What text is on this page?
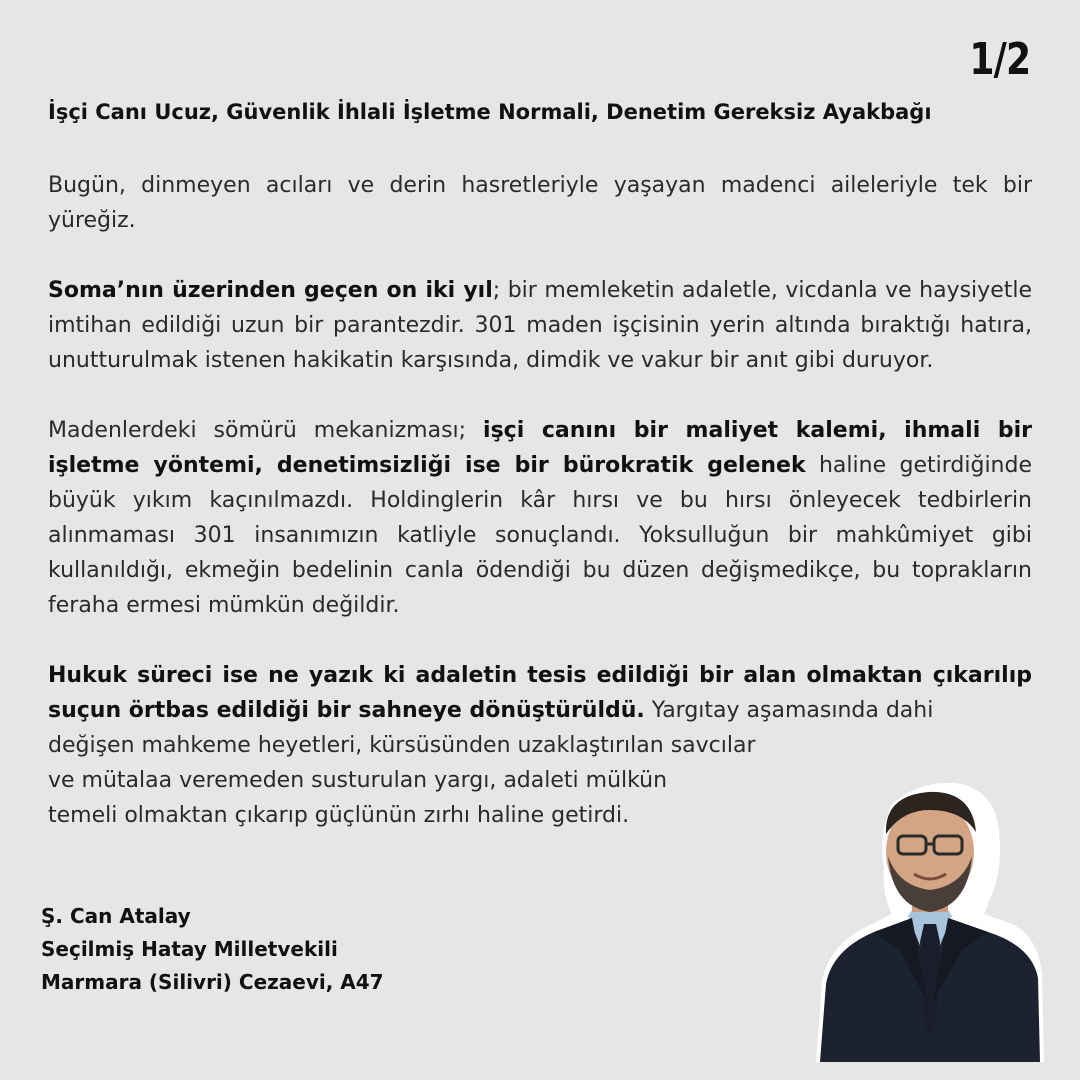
1/2
İşçi Canı Ucuz, Güvenlik İhlali İşletme Normali, Denetim Gereksiz Ayakbağı

Bugün, dinmeyen acıları ve derin hasretleriyle yaşayan madenci aileleriyle tek bir yüreğiz.

Soma’nın üzerinden geçen on iki yıl; bir memleketin adaletle, vicdanla ve haysiyetle imtihan edildiği uzun bir parantezdir. 301 maden işçisinin yerin altında bıraktığı hatıra, unutturulmak istenen hakikatin karşısında, dimdik ve vakur bir anıt gibi duruyor.

Madenlerdeki sömürü mekanizması; işçi canını bir maliyet kalemi, ihmali bir işletme yöntemi, denetimsizliği ise bir bürokratik gelenek haline getirdiğinde büyük yıkım kaçınılmazdı. Holdinglerin kâr hırsı ve bu hırsı önleyecek tedbirlerin alınmaması 301 insanımızın katliyle sonuçlandı. Yoksulluğun bir mahkûmiyet gibi kullanıldığı, ekmeğin bedelinin canla ödendiği bu düzen değişmedikçe, bu toprakların feraha ermesi mümkün değildir.

Hukuk süreci ise ne yazık ki adaletin tesis edildiği bir alan olmaktan çıkarılıp suçun örtbas edildiği bir sahneye dönüştürüldü. Yargıtay aşamasında dahi
değişen mahkeme heyetleri, kürsüsünden uzaklaştırılan savcılar
ve mütalaa veremeden susturulan yargı, adaleti mülkün
temeli olmaktan çıkarıp güçlünün zırhı haline getirdi.

Ş. Can Atalay
Seçilmiş Hatay Milletvekili
Marmara (Silivri) Cezaevi, A47
